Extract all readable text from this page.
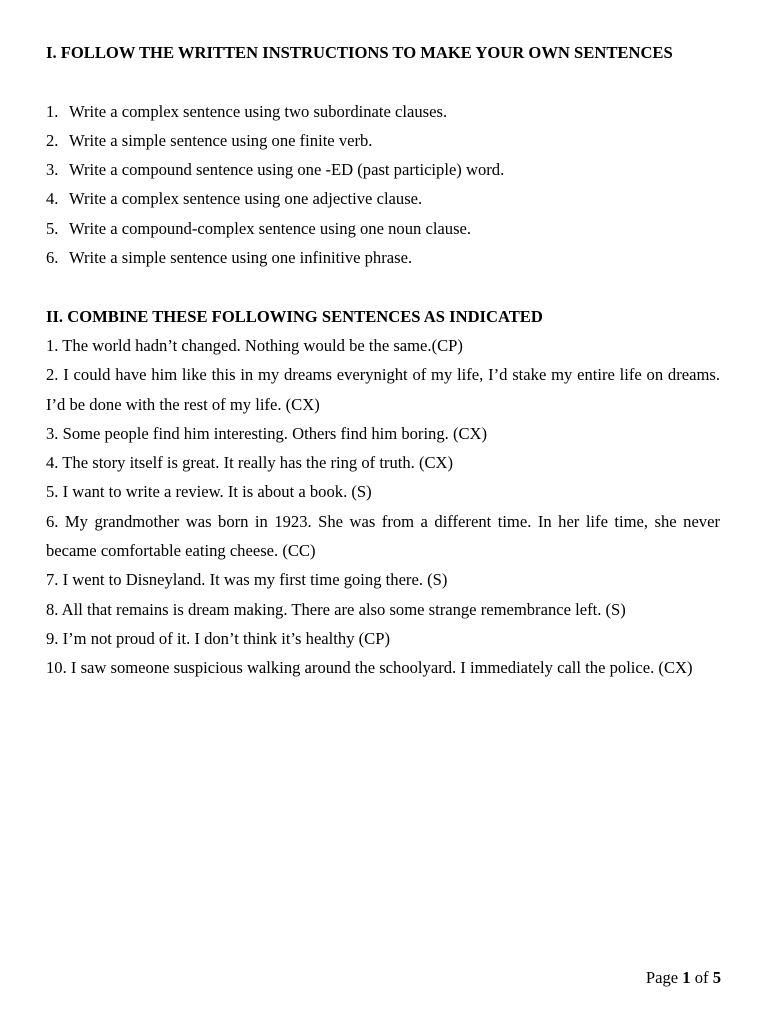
I. FOLLOW THE WRITTEN INSTRUCTIONS TO MAKE YOUR OWN SENTENCES

1. Write a complex sentence using two subordinate clauses.

2. Write a simple sentence using one finite verb.

3. Write a compound sentence using one -ED (past participle) word.

4. Write a complex sentence using one adjective clause.

5. Write a compound-complex sentence using one noun clause.

6. Write a simple sentence using one infinitive phrase.

II. COMBINE THESE FOLLOWING SENTENCES AS INDICATED

1. The world hadn’t changed. Nothing would be the same.(CP)

2. I could have him like this in my dreams everynight of my life, I’d stake my entire life on dreams. I’d be done with the rest of my life. (CX)

3. Some people find him interesting. Others find him boring. (CX)

4. The story itself is great. It really has the ring of truth. (CX)

5. I want to write a review. It is about a book. (S)

6. My grandmother was born in 1923. She was from a different time. In her life time, she never became comfortable eating cheese. (CC)

7. I went to Disneyland. It was my first time going there. (S)

8. All that remains is dream making. There are also some strange remembrance left. (S)

9. I’m not proud of it. I don’t think it’s healthy (CP)

10. I saw someone suspicious walking around the schoolyard. I immediately call the police. (CX)

Page 1 of 5
